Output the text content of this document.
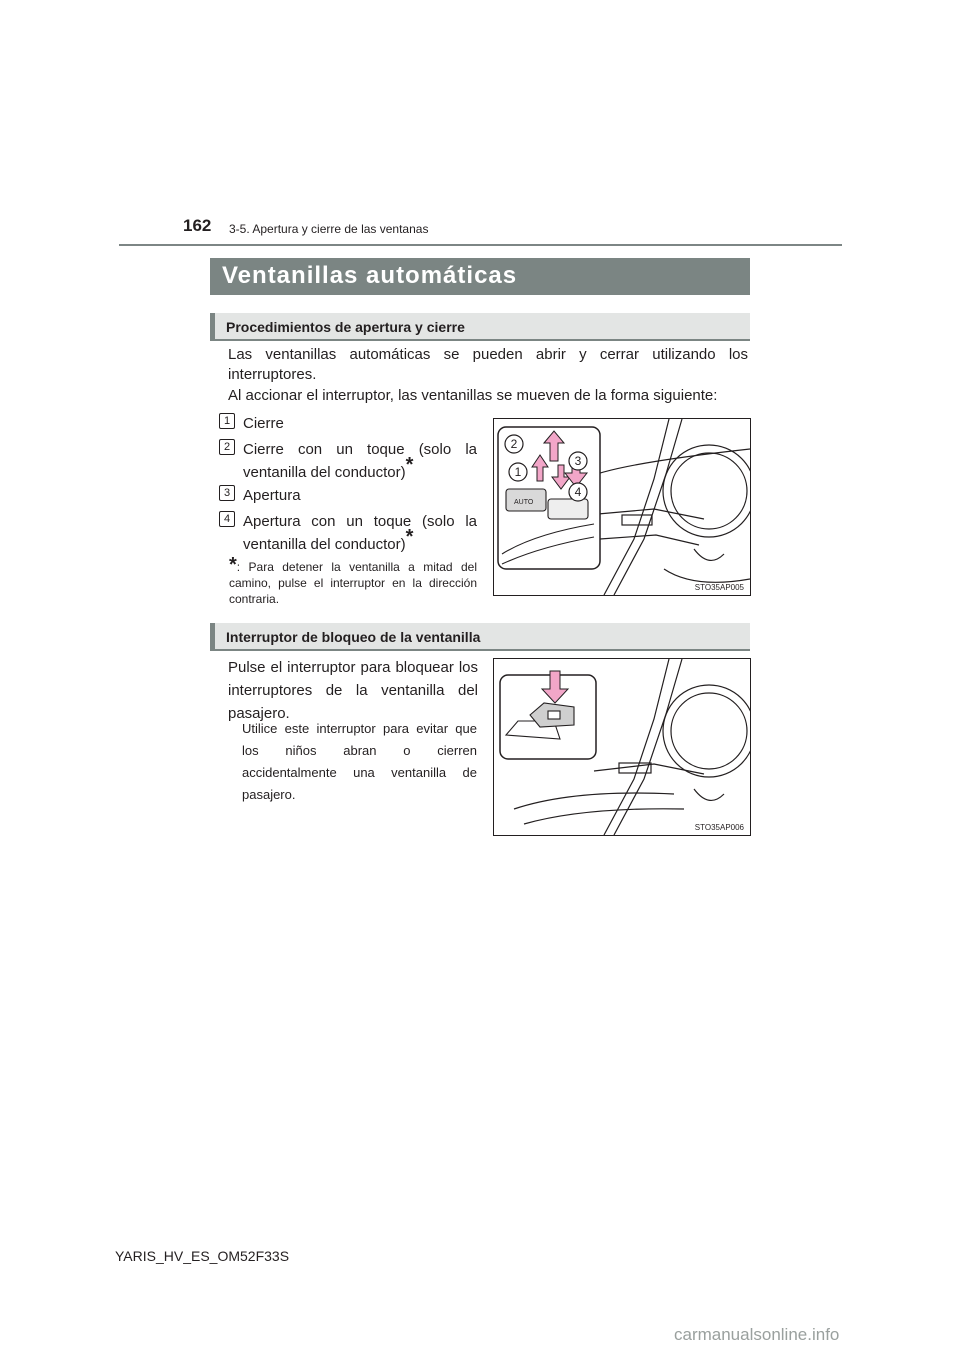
162 3-5. Apertura y cierre de las ventanas
Ventanillas automáticas
Procedimientos de apertura y cierre
Las ventanillas automáticas se pueden abrir y cerrar utilizando los interruptores.
Al accionar el interruptor, las ventanillas se mueven de la forma siguiente:
1 Cierre
2 Cierre con un toque (solo la ventanilla del conductor)*
3 Apertura
4 Apertura con un toque (solo la ventanilla del conductor)*
*: Para detener la ventanilla a mitad del camino, pulse el interruptor en la dirección contraria.
AUTO
1
2
3
4
STO35AP005
Interruptor de bloqueo de la ventanilla
Pulse el interruptor para bloquear los interruptores de la ventanilla del pasajero.
Utilice este interruptor para evitar que los niños abran o cierren accidentalmente una ventanilla de pasajero.
STO35AP006
YARIS_HV_ES_OM52F33S
carmanualsonline.info
